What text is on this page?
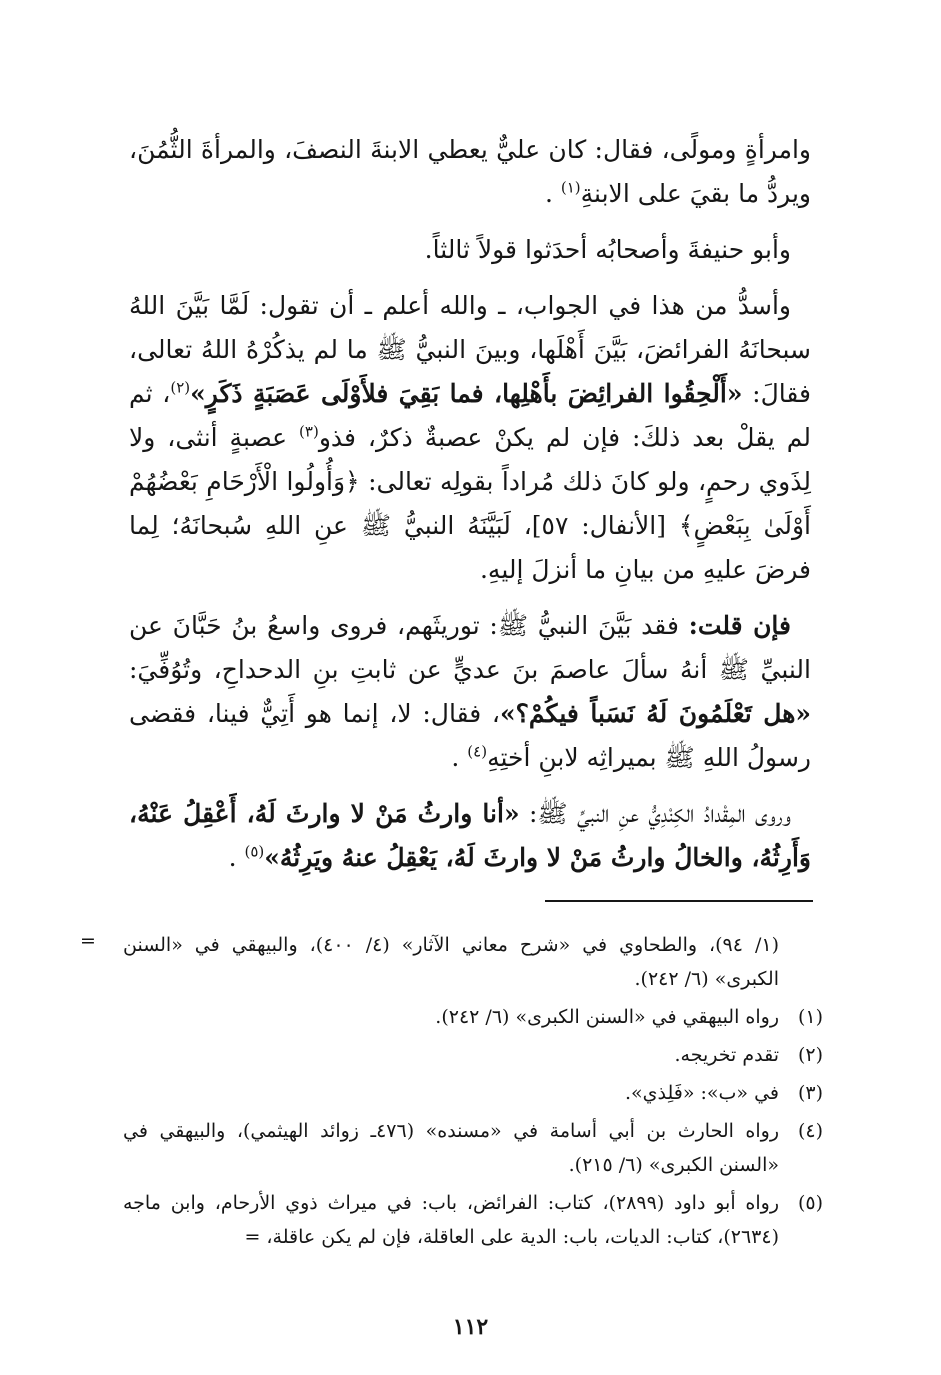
وامرأةٍ ومولًى، فقال: كان عليٌّ يعطي الابنةَ النصفَ، والمرأةَ الثُّمُنَ، ويردُّ ما بقيَ على الابنةِ$^{(١)}$ .

وأبو حنيفةَ وأصحابُه أحدَثوا قولاً ثالثاً.

وأسدُّ من هذا في الجواب، ـ والله أعلم ـ أن تقول: لَمَّا بَيَّنَ اللهُ سبحانَهُ الفرائضَ، بَيَّنَ أَهْلَها، وبينَ النبيُّ ﷺ ما لم يذكُرْهُ اللهُ تعالى، فقالَ: «أَلْحِقُوا الفرائِضَ بأَهْلِها، فما بَقِيَ فلأَوْلَى عَصَبَةٍ ذَكَرٍ»$^{(٢)}$، ثم لم يقلْ بعد ذلكَ: فإن لم يكنْ عصبةٌ ذكرٌ، فذو$^{(٣)}$ عصبةٍ أنثى، ولا لِذَوي رحمٍ، ولو كانَ ذلك مُراداً بقولِه تعالى: ﴿وَأُولُوا الْأَرْحَامِ بَعْضُهُمْ أَوْلَىٰ بِبَعْضٍ﴾ [الأنفال: ٥٧]، لَبَيَّنَهُ النبيُّ ﷺ عنِ اللهِ سُبحانَهُ؛ لِما فرضَ عليهِ من بيانِ ما أنزلَ إليهِ.

فإن قلت: فقد بَيَّنَ النبيُّ ﷺ: توريثَهم، فروى واسعُ بنُ حَبَّانَ عن النبيِّ ﷺ أنهُ سألَ عاصمَ بنَ عديٍّ عن ثابتِ بنِ الدحداحِ، وتُوُفِّيَ: «هل تَعْلَمُونَ لَهُ نَسَباً فيكُمْ؟»، فقال: لا، إنما هو أَتِيٌّ فينا، فقضى رسولُ اللهِ ﷺ بميراثِه لابنِ أختِهِ$^{(٤)}$ .

وروى المِقْدادُ الكِنْدِيُّ عنِ النبيِّ ﷺ: «أنا وارثُ مَنْ لا وارثَ لَهُ، أَعْقِلُ عَنْهُ، وَأَرِثُهُ، والخالُ وارثُ مَنْ لا وارثَ لَهُ، يَعْقِلُ عنهُ ويَرِثُهُ»$^{(٥)}$ .

= (١/ ٩٤)، والطحاوي في «شرح معاني الآثار» (٤/ ٤٠٠)، والبيهقي في «السنن الكبرى» (٦/ ٢٤٢).
(١)
رواه البيهقي في «السنن الكبرى» (٦/ ٢٤٢).
(٢)
تقدم تخريجه.
(٣)
في «ب»: «فَلِذي».
(٤)
رواه الحارث بن أبي أسامة في «مسنده» (٤٧٦ـ زوائد الهيثمي)، والبيهقي في «السنن الكبرى» (٦/ ٢١٥).
(٥)
رواه أبو داود (٢٨٩٩)، كتاب: الفرائض، باب: في ميراث ذوي الأرحام، وابن ماجه (٢٦٣٤)، كتاب: الديات، باب: الدية على العاقلة، فإن لم يكن عاقلة، =
١١٢
